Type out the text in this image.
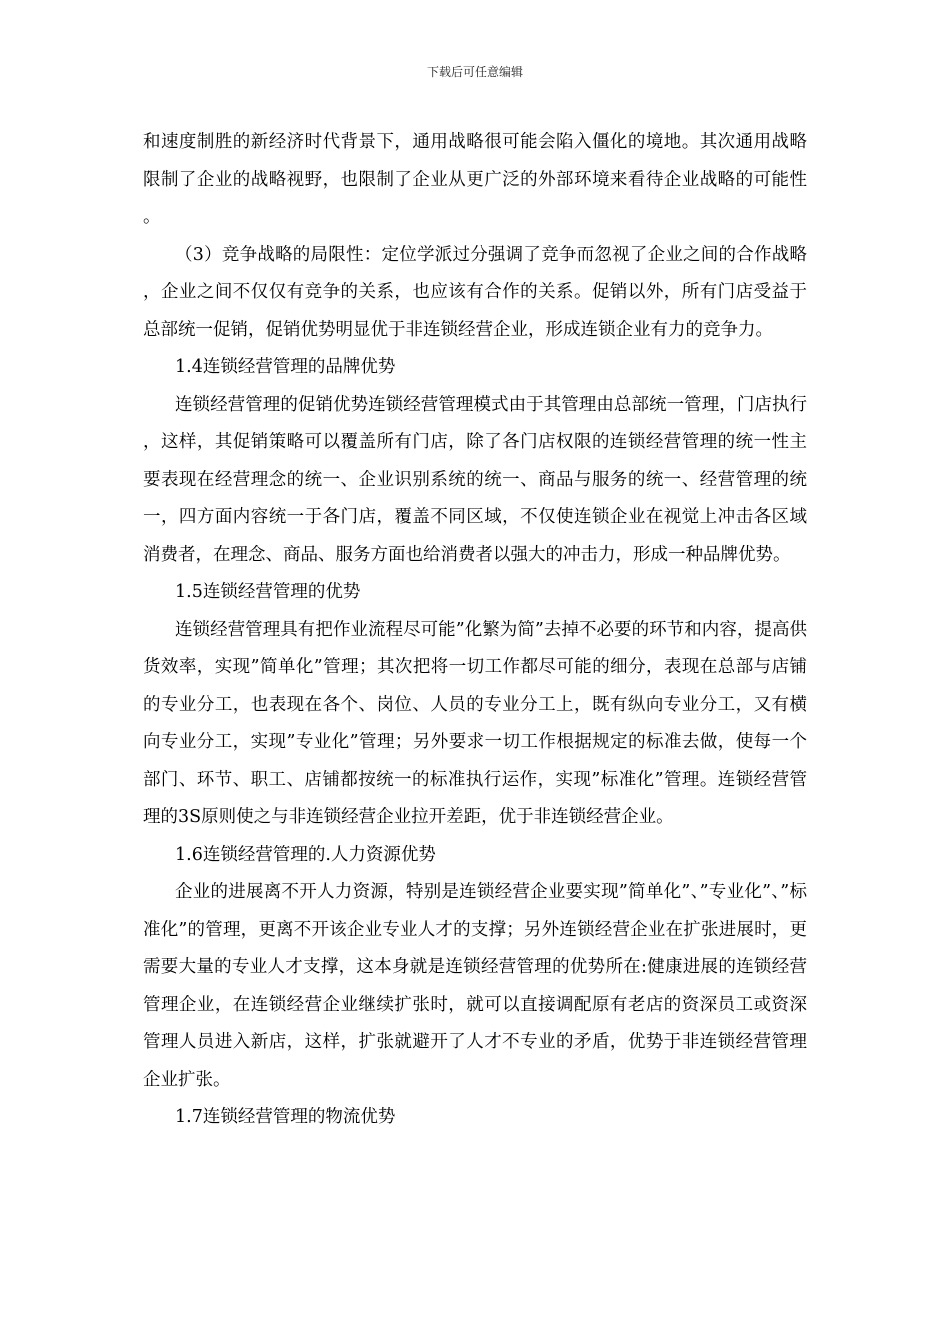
下载后可任意编辑

和速度制胜的新经济时代背景下，通用战略很可能会陷入僵化的境地。其次通用战略限制了企业的战略视野，也限制了企业从更广泛的外部环境来看待企业战略的可能性。

（3）竞争战略的局限性：定位学派过分强调了竞争而忽视了企业之间的合作战略，企业之间不仅仅有竞争的关系，也应该有合作的关系。促销以外，所有门店受益于总部统一促销，促销优势明显优于非连锁经营企业，形成连锁企业有力的竞争力。

1.4连锁经营管理的品牌优势

连锁经营管理的促销优势连锁经营管理模式由于其管理由总部统一管理，门店执行，这样，其促销策略可以覆盖所有门店，除了各门店权限的连锁经营管理的统一性主要表现在经营理念的统一、企业识别系统的统一、商品与服务的统一、经营管理的统一，四方面内容统一于各门店，覆盖不同区域，不仅使连锁企业在视觉上冲击各区域消费者，在理念、商品、服务方面也给消费者以强大的冲击力，形成一种品牌优势。

1.5连锁经营管理的优势

连锁经营管理具有把作业流程尽可能”化繁为简”去掉不必要的环节和内容，提高供货效率，实现”简单化”管理；其次把将一切工作都尽可能的细分，表现在总部与店铺的专业分工，也表现在各个、岗位、人员的专业分工上，既有纵向专业分工，又有横向专业分工，实现”专业化”管理；另外要求一切工作根据规定的标准去做，使每一个部门、环节、职工、店铺都按统一的标准执行运作，实现”标准化”管理。连锁经营管理的3S原则使之与非连锁经营企业拉开差距，优于非连锁经营企业。

1.6连锁经营管理的.人力资源优势

企业的进展离不开人力资源，特别是连锁经营企业要实现”简单化”、”专业化”、”标准化”的管理，更离不开该企业专业人才的支撑；另外连锁经营企业在扩张进展时，更需要大量的专业人才支撑，这本身就是连锁经营管理的优势所在:健康进展的连锁经营管理企业，在连锁经营企业继续扩张时，就可以直接调配原有老店的资深员工或资深管理人员进入新店，这样，扩张就避开了人才不专业的矛盾，优势于非连锁经营管理企业扩张。

1.7连锁经营管理的物流优势
